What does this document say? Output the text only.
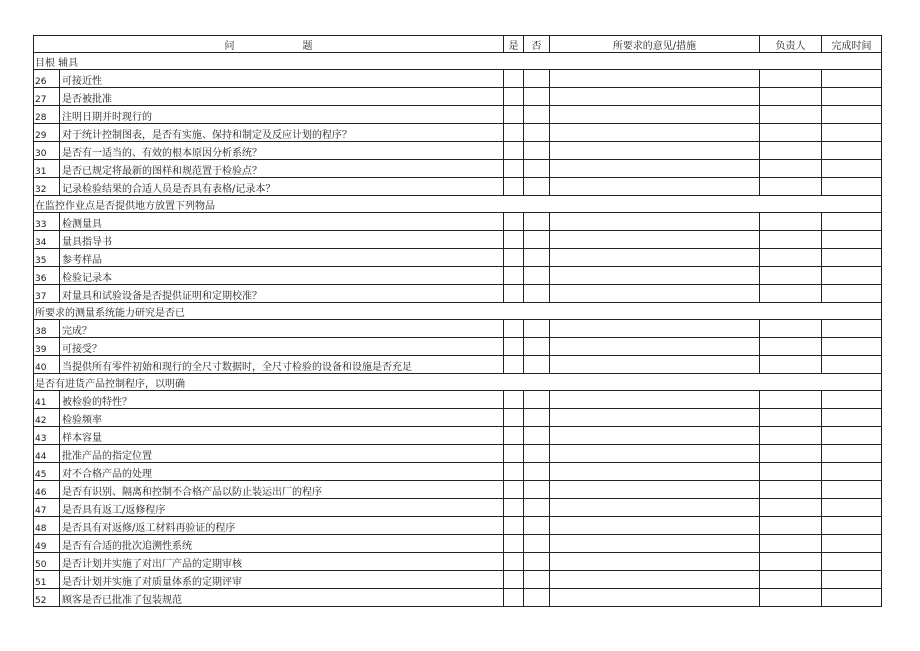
问 题		是	否	所要求的意见/措施	负责人	完成时间
目根 辅具						
26	可接近性					
27	是否被批准					
28	注明日期并时现行的					
29	对于统计控制图表，是否有实施、保持和制定及反应计划的程序？					
30	是否有一适当的、有效的根本原因分析系统？					
31	是否已规定将最新的图样和规范置于检验点？					
32	记录检验结果的合适人员是否具有表格/记录本？					
在监控作业点是否提供地方放置下列物品						
33	检测量具					
34	量具指导书					
35	参考样品					
36	检验记录本					
37	对量具和试验设备是否提供证明和定期校准？					
所要求的测量系统能力研究是否已						
38	完成？					
39	可接受？					
40	当提供所有零件初始和现行的全尺寸数据时，全尺寸检验的设备和设施是否充足					
是否有进货产品控制程序，以明确						
41	被检验的特性？					
42	检验频率					
43	样本容量					
44	批准产品的指定位置					
45	对不合格产品的处理					
46	是否有识别、隔离和控制不合格产品以防止装运出厂的程序					
47	是否具有返工/返修程序					
48	是否具有对返修/返工材料再验证的程序					
49	是否有合适的批次追溯性系统					
50	是否计划并实施了对出厂产品的定期审核					
51	是否计划并实施了对质量体系的定期评审					
52	顾客是否已批准了包装规范					
